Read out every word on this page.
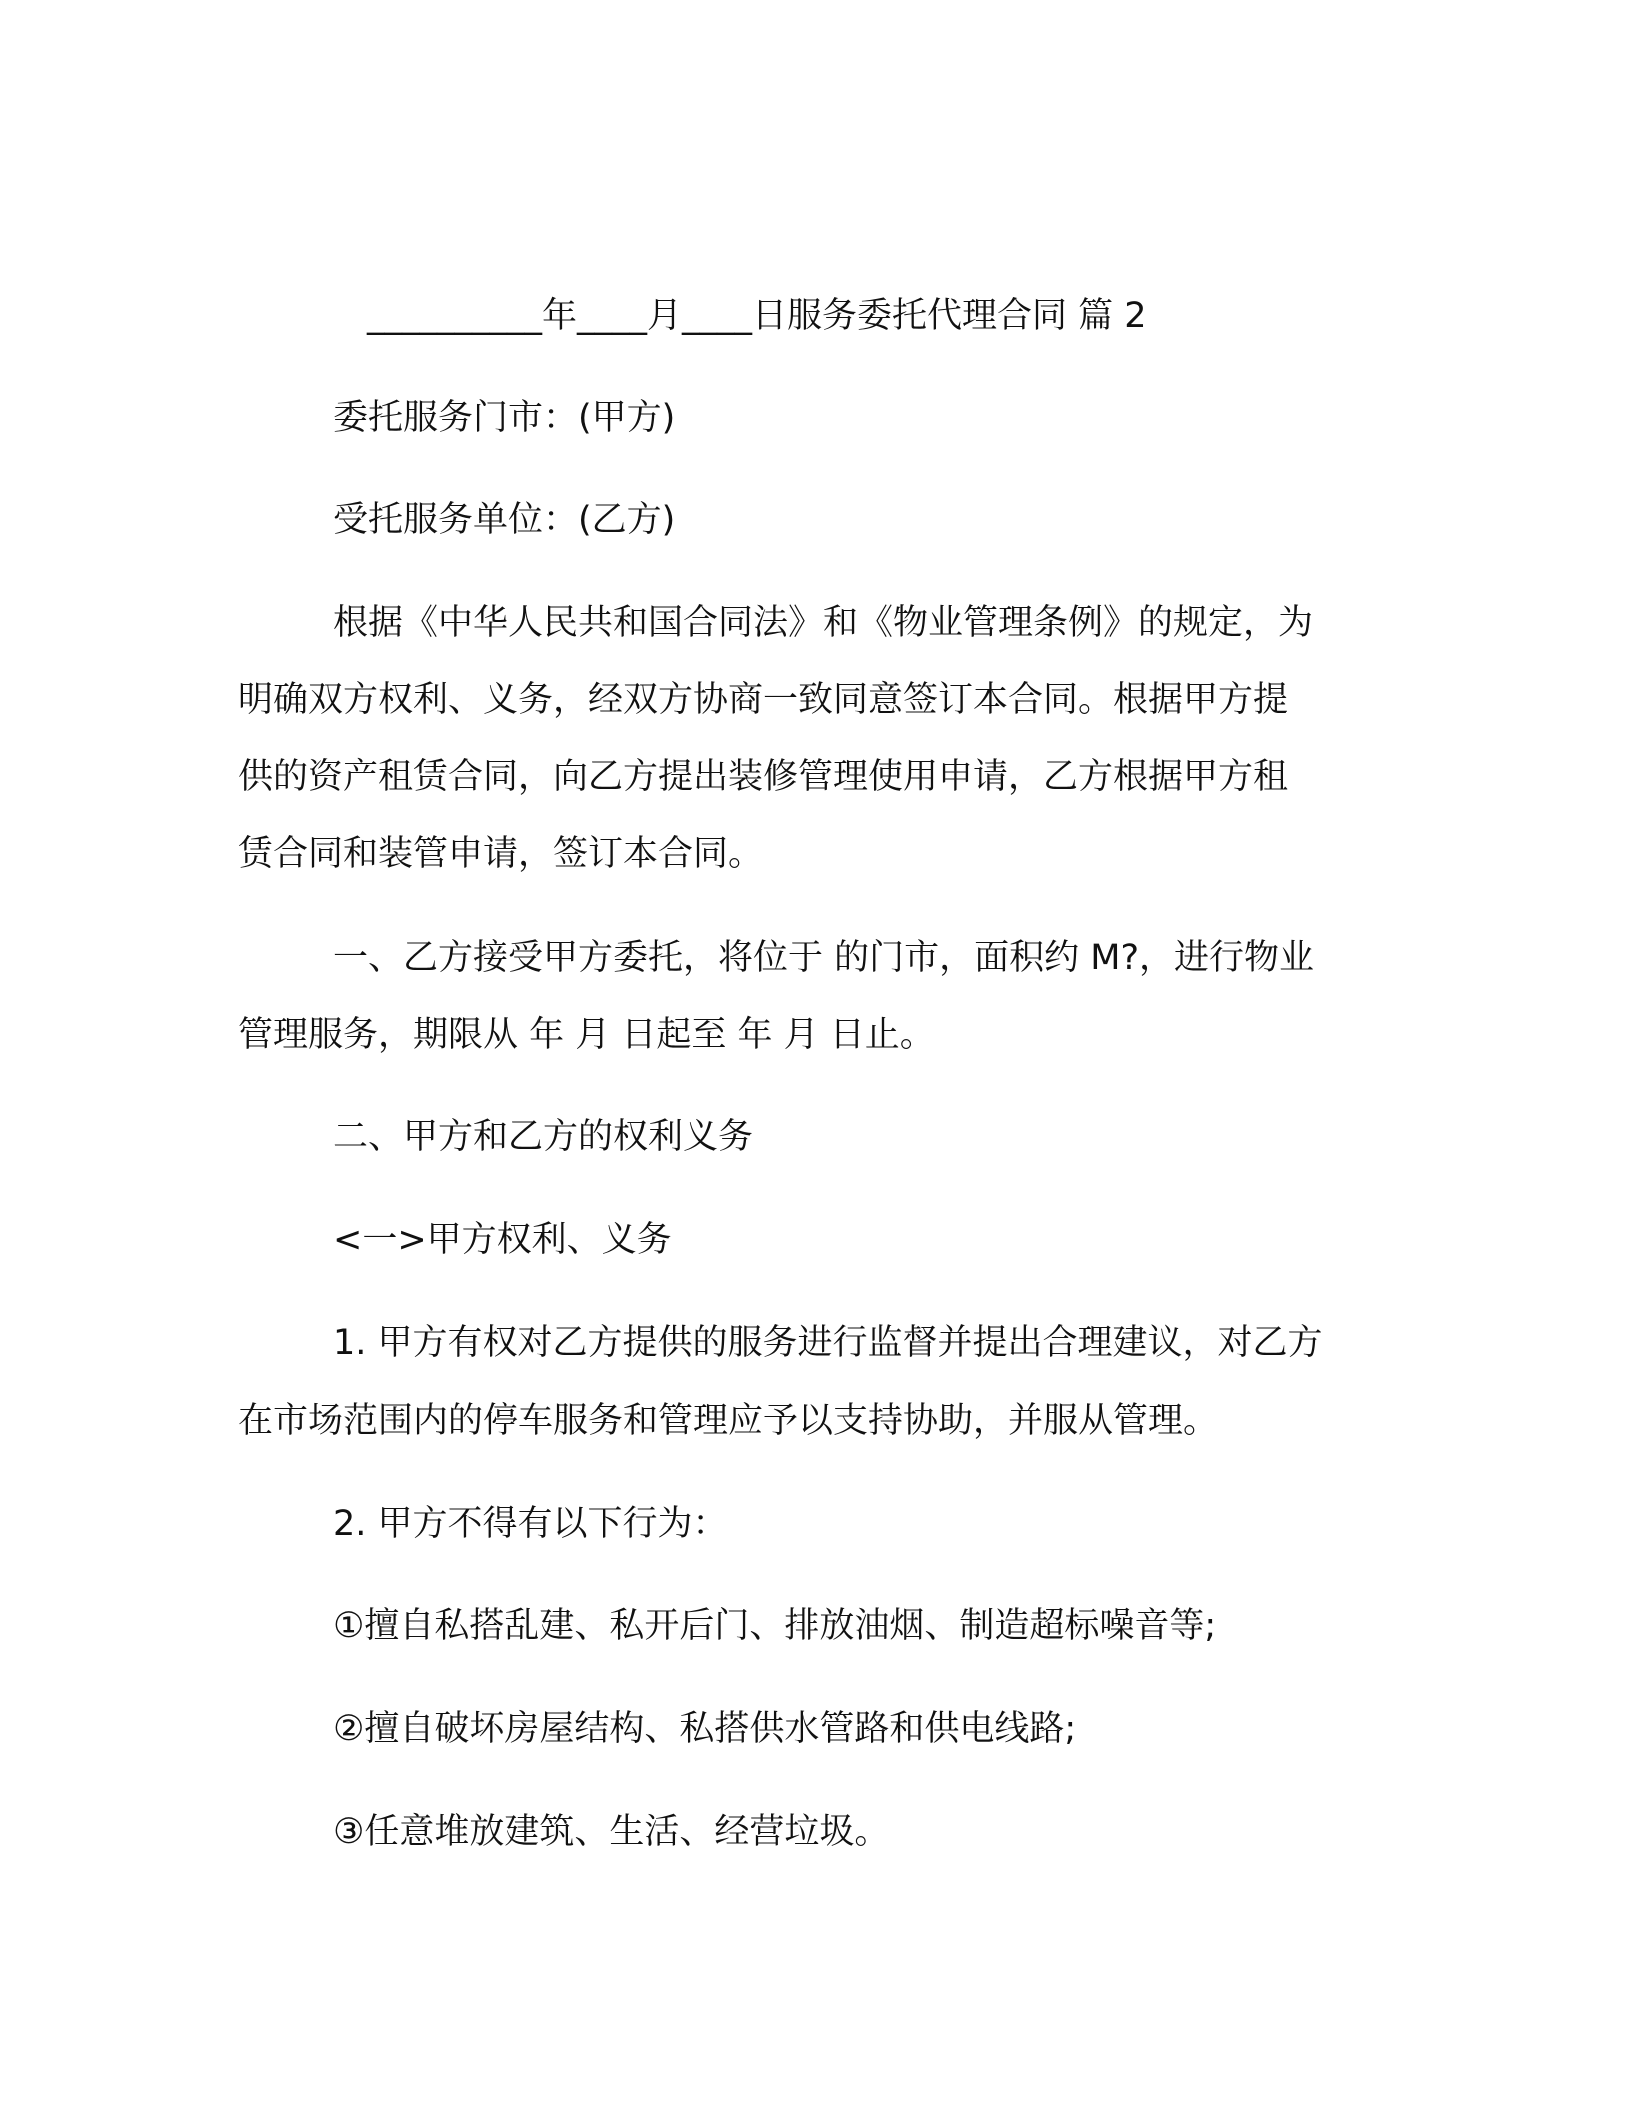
__________年____月____日服务委托代理合同 篇 2
委托服务门市：(甲方)
受托服务单位：(乙方)
根据《中华人民共和国合同法》和《物业管理条例》的规定，为
明确双方权利、义务，经双方协商一致同意签订本合同。根据甲方提
供的资产租赁合同，向乙方提出装修管理使用申请，乙方根据甲方租
赁合同和装管申请，签订本合同。
一、乙方接受甲方委托，将位于 的门市，面积约 M?，进行物业
管理服务，期限从 年 月 日起至 年 月 日止。
二、甲方和乙方的权利义务
<一>甲方权利、义务
1. 甲方有权对乙方提供的服务进行监督并提出合理建议，对乙方
在市场范围内的停车服务和管理应予以支持协助，并服从管理。
2. 甲方不得有以下行为：
①擅自私搭乱建、私开后门、排放油烟、制造超标噪音等;
②擅自破坏房屋结构、私搭供水管路和供电线路;
③任意堆放建筑、生活、经营垃圾。
